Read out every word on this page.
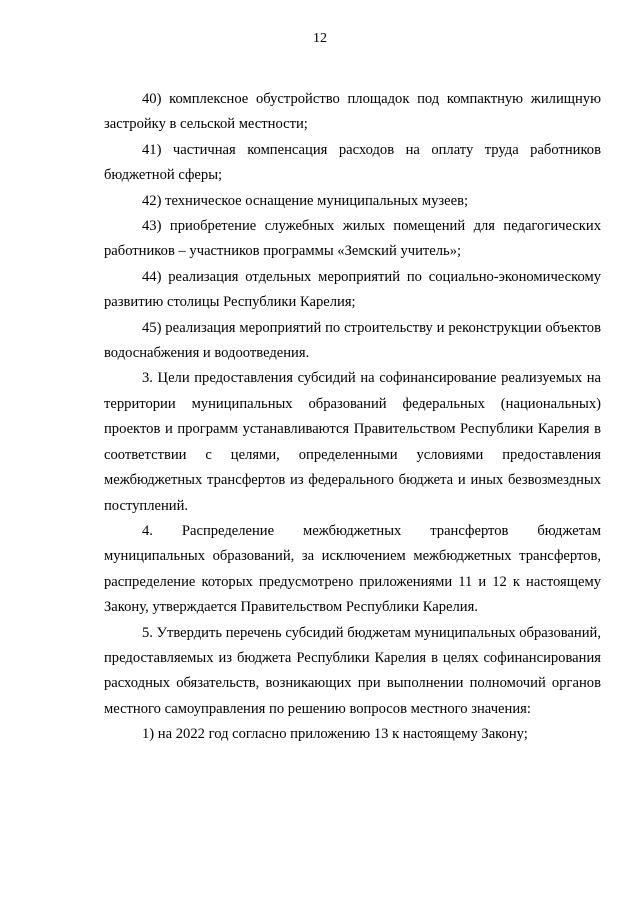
12

40) комплексное обустройство площадок под компактную жилищную застройку в сельской местности;

41) частичная компенсация расходов на оплату труда работников бюджетной сферы;

42) техническое оснащение муниципальных музеев;

43) приобретение служебных жилых помещений для педагогических работников – участников программы «Земский учитель»;

44) реализация отдельных мероприятий по социально-экономическому развитию столицы Республики Карелия;

45) реализация мероприятий по строительству и реконструкции объектов водоснабжения и водоотведения.

3. Цели предоставления субсидий на софинансирование реализуемых на территории муниципальных образований федеральных (национальных) проектов и программ устанавливаются Правительством Республики Карелия в соответствии с целями, определенными условиями предоставления межбюджетных трансфертов из федерального бюджета и иных безвозмездных поступлений.

4. Распределение межбюджетных трансфертов бюджетам муниципальных образований, за исключением межбюджетных трансфертов, распределение которых предусмотрено приложениями 11 и 12 к настоящему Закону, утверждается Правительством Республики Карелия.

5. Утвердить перечень субсидий бюджетам муниципальных образований, предоставляемых из бюджета Республики Карелия в целях софинансирования расходных обязательств, возникающих при выполнении полномочий органов местного самоуправления по решению вопросов местного значения:

1) на 2022 год согласно приложению 13 к настоящему Закону;
